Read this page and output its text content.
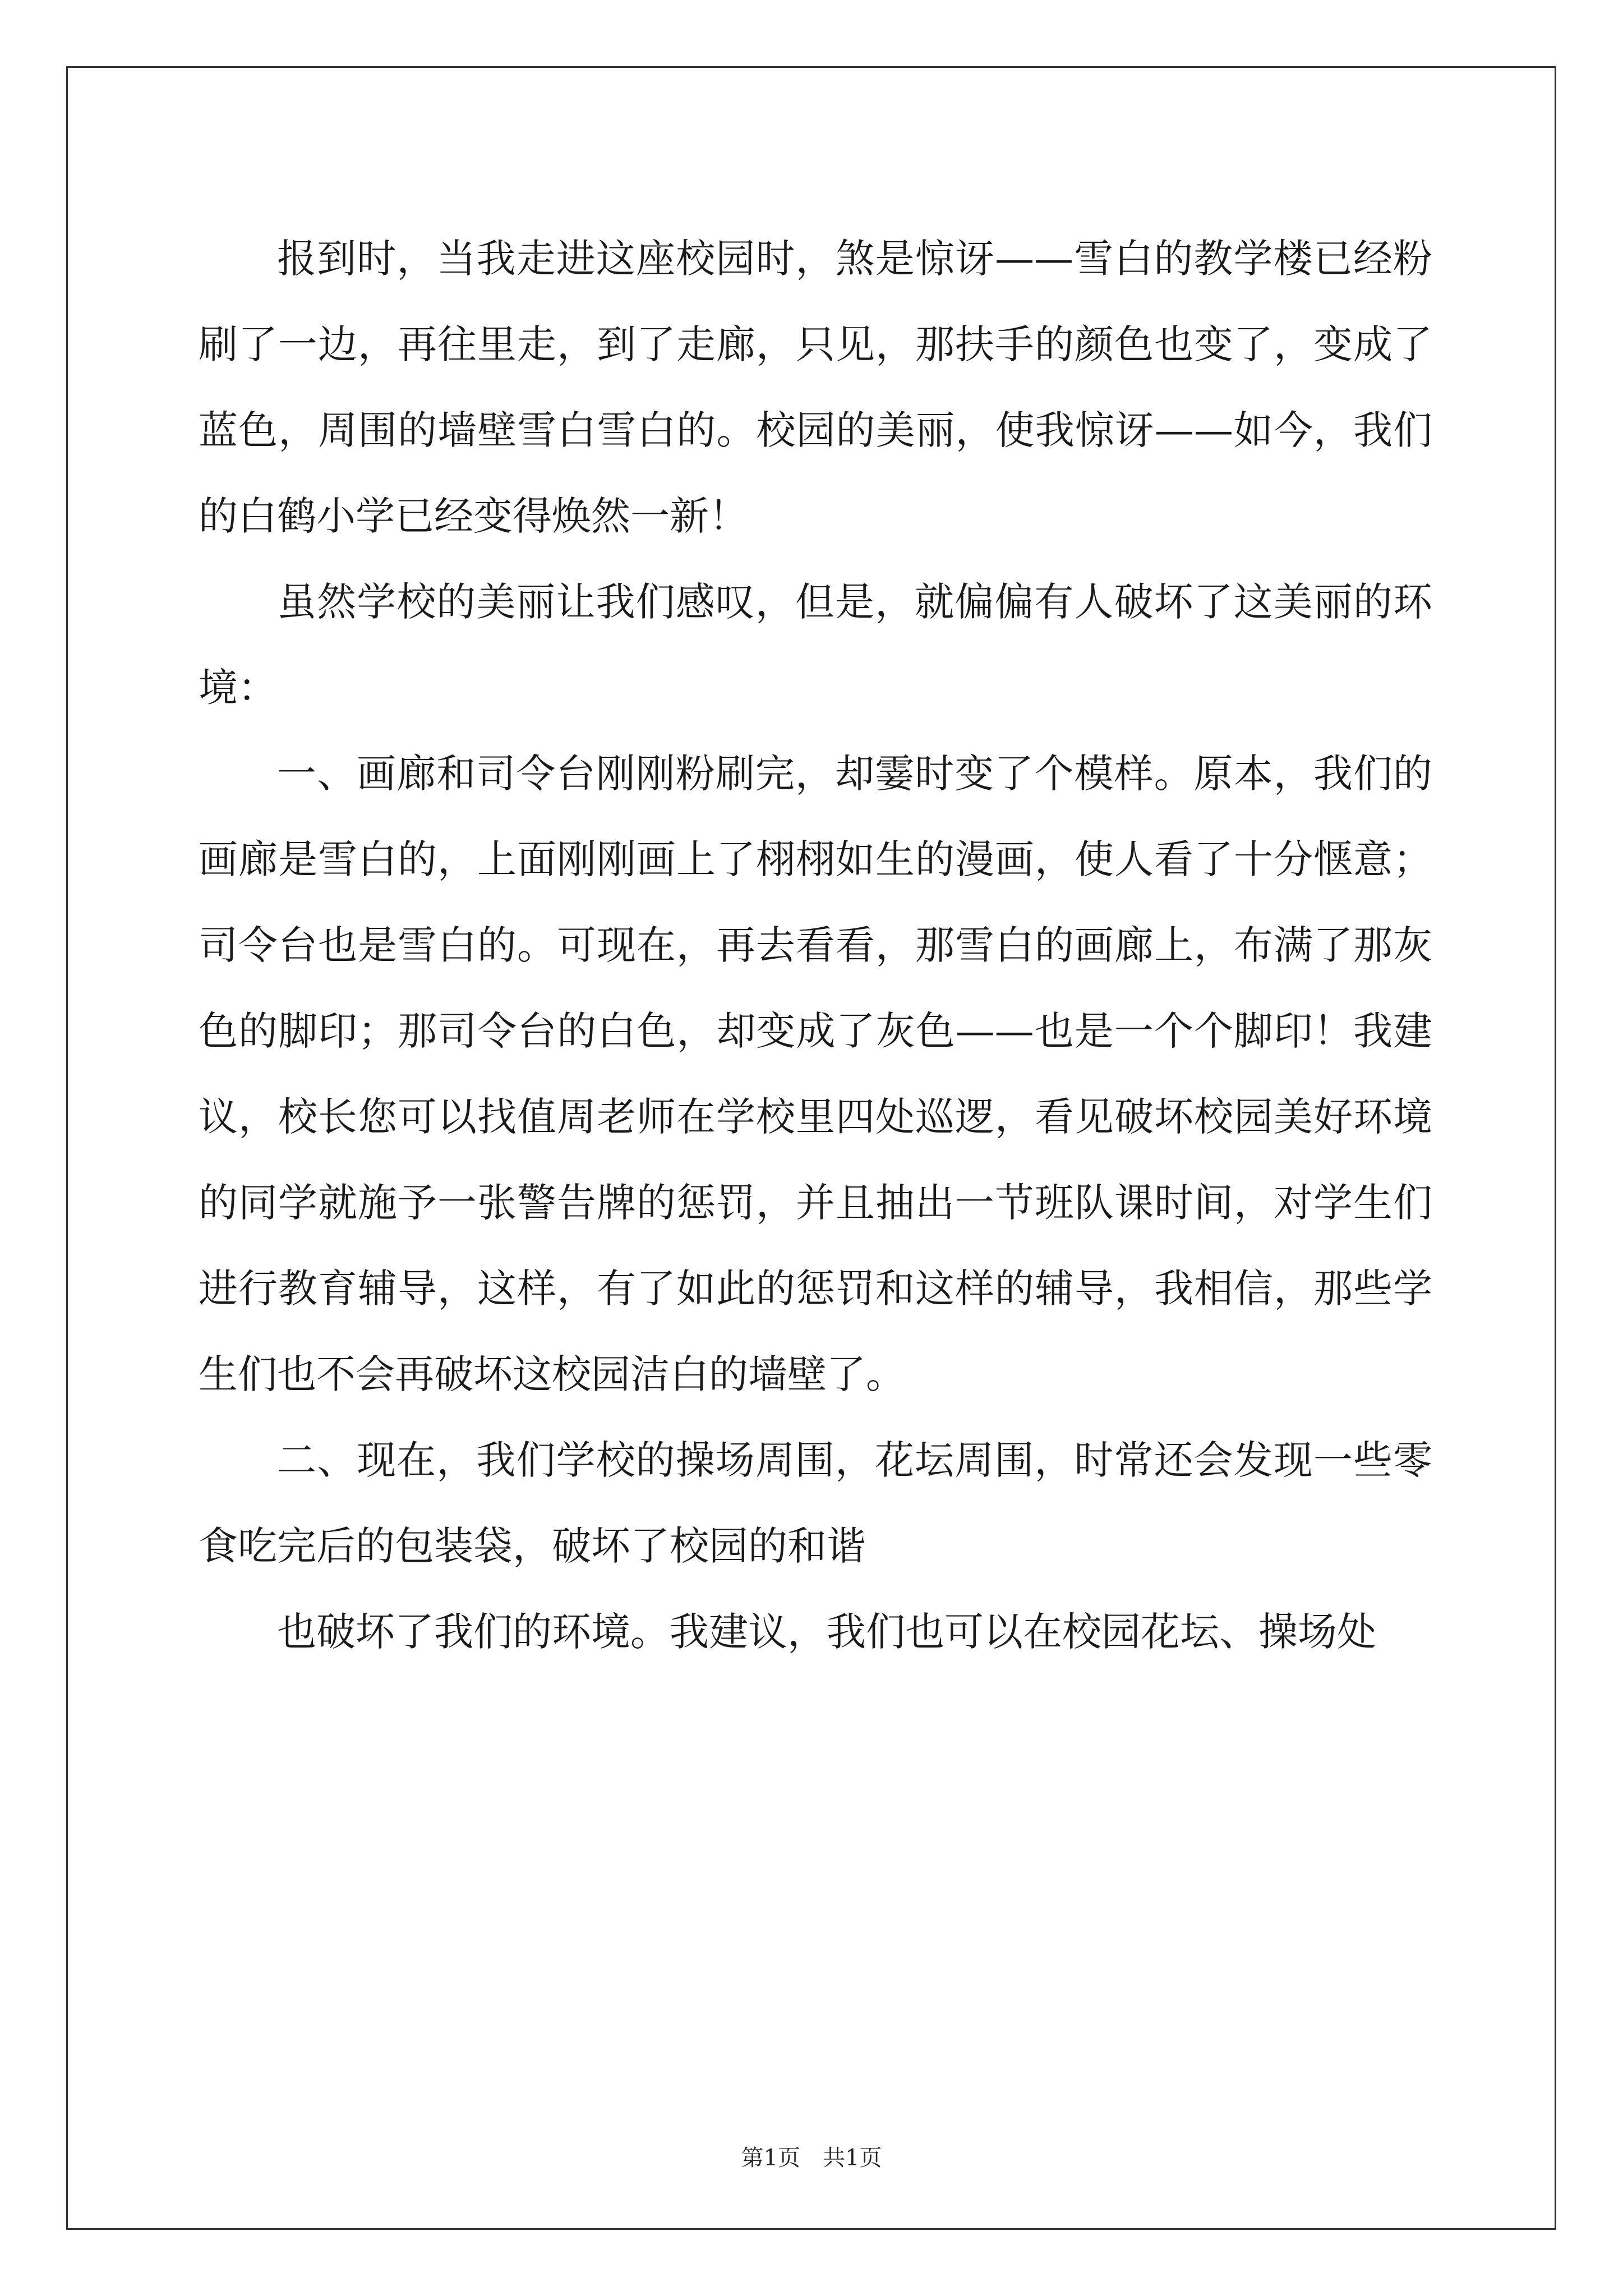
报到时，当我走进这座校园时，煞是惊讶——雪白的教学楼已经粉刷了一边，再往里走，到了走廊，只见，那扶手的颜色也变了，变成了蓝色，周围的墙壁雪白雪白的。校园的美丽，使我惊讶——如今，我们的白鹤小学已经变得焕然一新！

虽然学校的美丽让我们感叹，但是，就偏偏有人破坏了这美丽的环境：

一、画廊和司令台刚刚粉刷完，却霎时变了个模样。原本，我们的画廊是雪白的，上面刚刚画上了栩栩如生的漫画，使人看了十分惬意；司令台也是雪白的。可现在，再去看看，那雪白的画廊上，布满了那灰色的脚印；那司令台的白色，却变成了灰色——也是一个个脚印！我建议，校长您可以找值周老师在学校里四处巡逻，看见破坏校园美好环境的同学就施予一张警告牌的惩罚，并且抽出一节班队课时间，对学生们进行教育辅导，这样，有了如此的惩罚和这样的辅导，我相信，那些学生们也不会再破坏这校园洁白的墙壁了。

二、现在，我们学校的操场周围，花坛周围，时常还会发现一些零食吃完后的包装袋，破坏了校园的和谐

也破坏了我们的环境。我建议，我们也可以在校园花坛、操场处

第1页　共1页
